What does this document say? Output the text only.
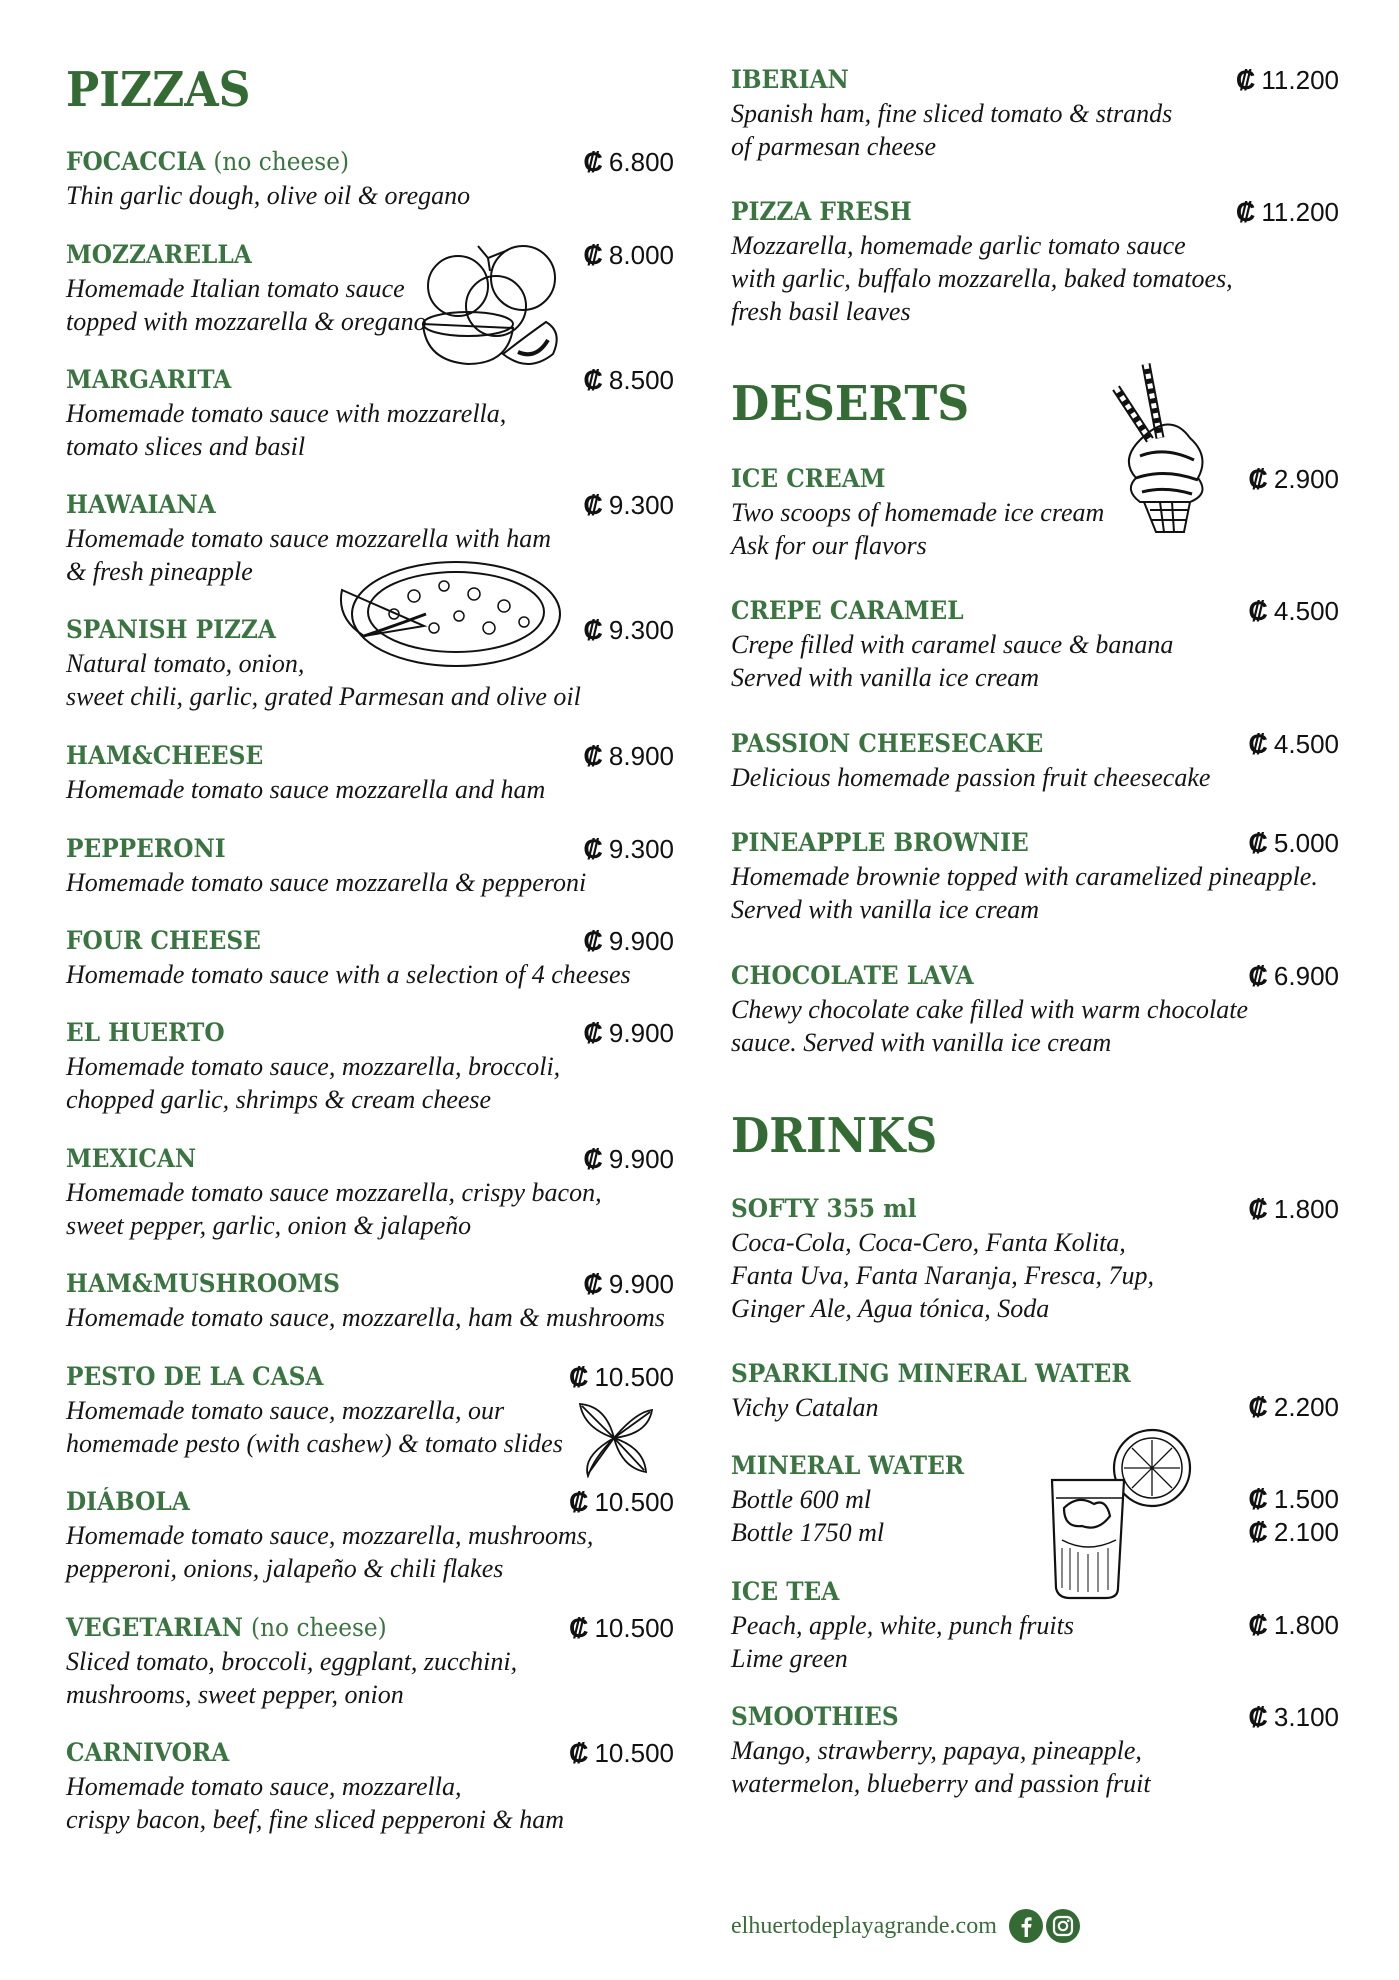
PIZZAS
FOCACCIA (no cheese)	₡ 6.800
Thin garlic dough, olive oil & oregano
MOZZARELLA	₡ 8.000
Homemade Italian tomato sauce
topped with mozzarella & oregano
MARGARITA	₡ 8.500
Homemade tomato sauce with mozzarella,
tomato slices and basil
HAWAIANA	₡ 9.300
Homemade tomato sauce mozzarella with ham
& fresh pineapple
SPANISH PIZZA	₡ 9.300
Natural tomato, onion,
sweet chili, garlic, grated Parmesan and olive oil
HAM&CHEESE	₡ 8.900
Homemade tomato sauce mozzarella and ham
PEPPERONI	₡ 9.300
Homemade tomato sauce mozzarella & pepperoni
FOUR CHEESE	₡ 9.900
Homemade tomato sauce with a selection of 4 cheeses
EL HUERTO	₡ 9.900
Homemade tomato sauce, mozzarella, broccoli,
chopped garlic, shrimps & cream cheese
MEXICAN	₡ 9.900
Homemade tomato sauce mozzarella, crispy bacon,
sweet pepper, garlic, onion & jalapeño
HAM&MUSHROOMS	₡ 9.900
Homemade tomato sauce, mozzarella, ham & mushrooms
PESTO DE LA CASA	₡ 10.500
Homemade tomato sauce, mozzarella, our
homemade pesto (with cashew) & tomato slides
DIÁBOLA	₡ 10.500
Homemade tomato sauce, mozzarella, mushrooms,
pepperoni, onions, jalapeño & chili flakes
VEGETARIAN (no cheese)	₡ 10.500
Sliced tomato, broccoli, eggplant, zucchini,
mushrooms, sweet pepper, onion
CARNIVORA	₡ 10.500
Homemade tomato sauce, mozzarella,
crispy bacon, beef, fine sliced pepperoni & ham
IBERIAN	₡ 11.200
Spanish ham, fine sliced tomato & strands
of parmesan cheese
PIZZA FRESH	₡ 11.200
Mozzarella, homemade garlic tomato sauce
with garlic, buffalo mozzarella, baked tomatoes,
fresh basil leaves
DESERTS
ICE CREAM	₡ 2.900
Two scoops of homemade ice cream
Ask for our flavors
CREPE CARAMEL	₡ 4.500
Crepe filled with caramel sauce & banana
Served with vanilla ice cream
PASSION CHEESECAKE	₡ 4.500
Delicious homemade passion fruit cheesecake
PINEAPPLE BROWNIE	₡ 5.000
Homemade brownie topped with caramelized pineapple.
Served with vanilla ice cream
CHOCOLATE LAVA	₡ 6.900
Chewy chocolate cake filled with warm chocolate
sauce. Served with vanilla ice cream
DRINKS
SOFTY 355 ml	₡ 1.800
Coca-Cola, Coca-Cero, Fanta Kolita,
Fanta Uva, Fanta Naranja, Fresca, 7up,
Ginger Ale, Agua tónica, Soda
SPARKLING MINERAL WATER
Vichy Catalan	₡ 2.200
MINERAL WATER
Bottle 600 ml	₡ 1.500
Bottle 1750 ml	₡ 2.100
ICE TEA
Peach, apple, white, punch fruits	₡ 1.800
Lime green
SMOOTHIES	₡ 3.100
Mango, strawberry, papaya, pineapple,
watermelon, blueberry and passion fruit
elhuertodeplayagrande.com
